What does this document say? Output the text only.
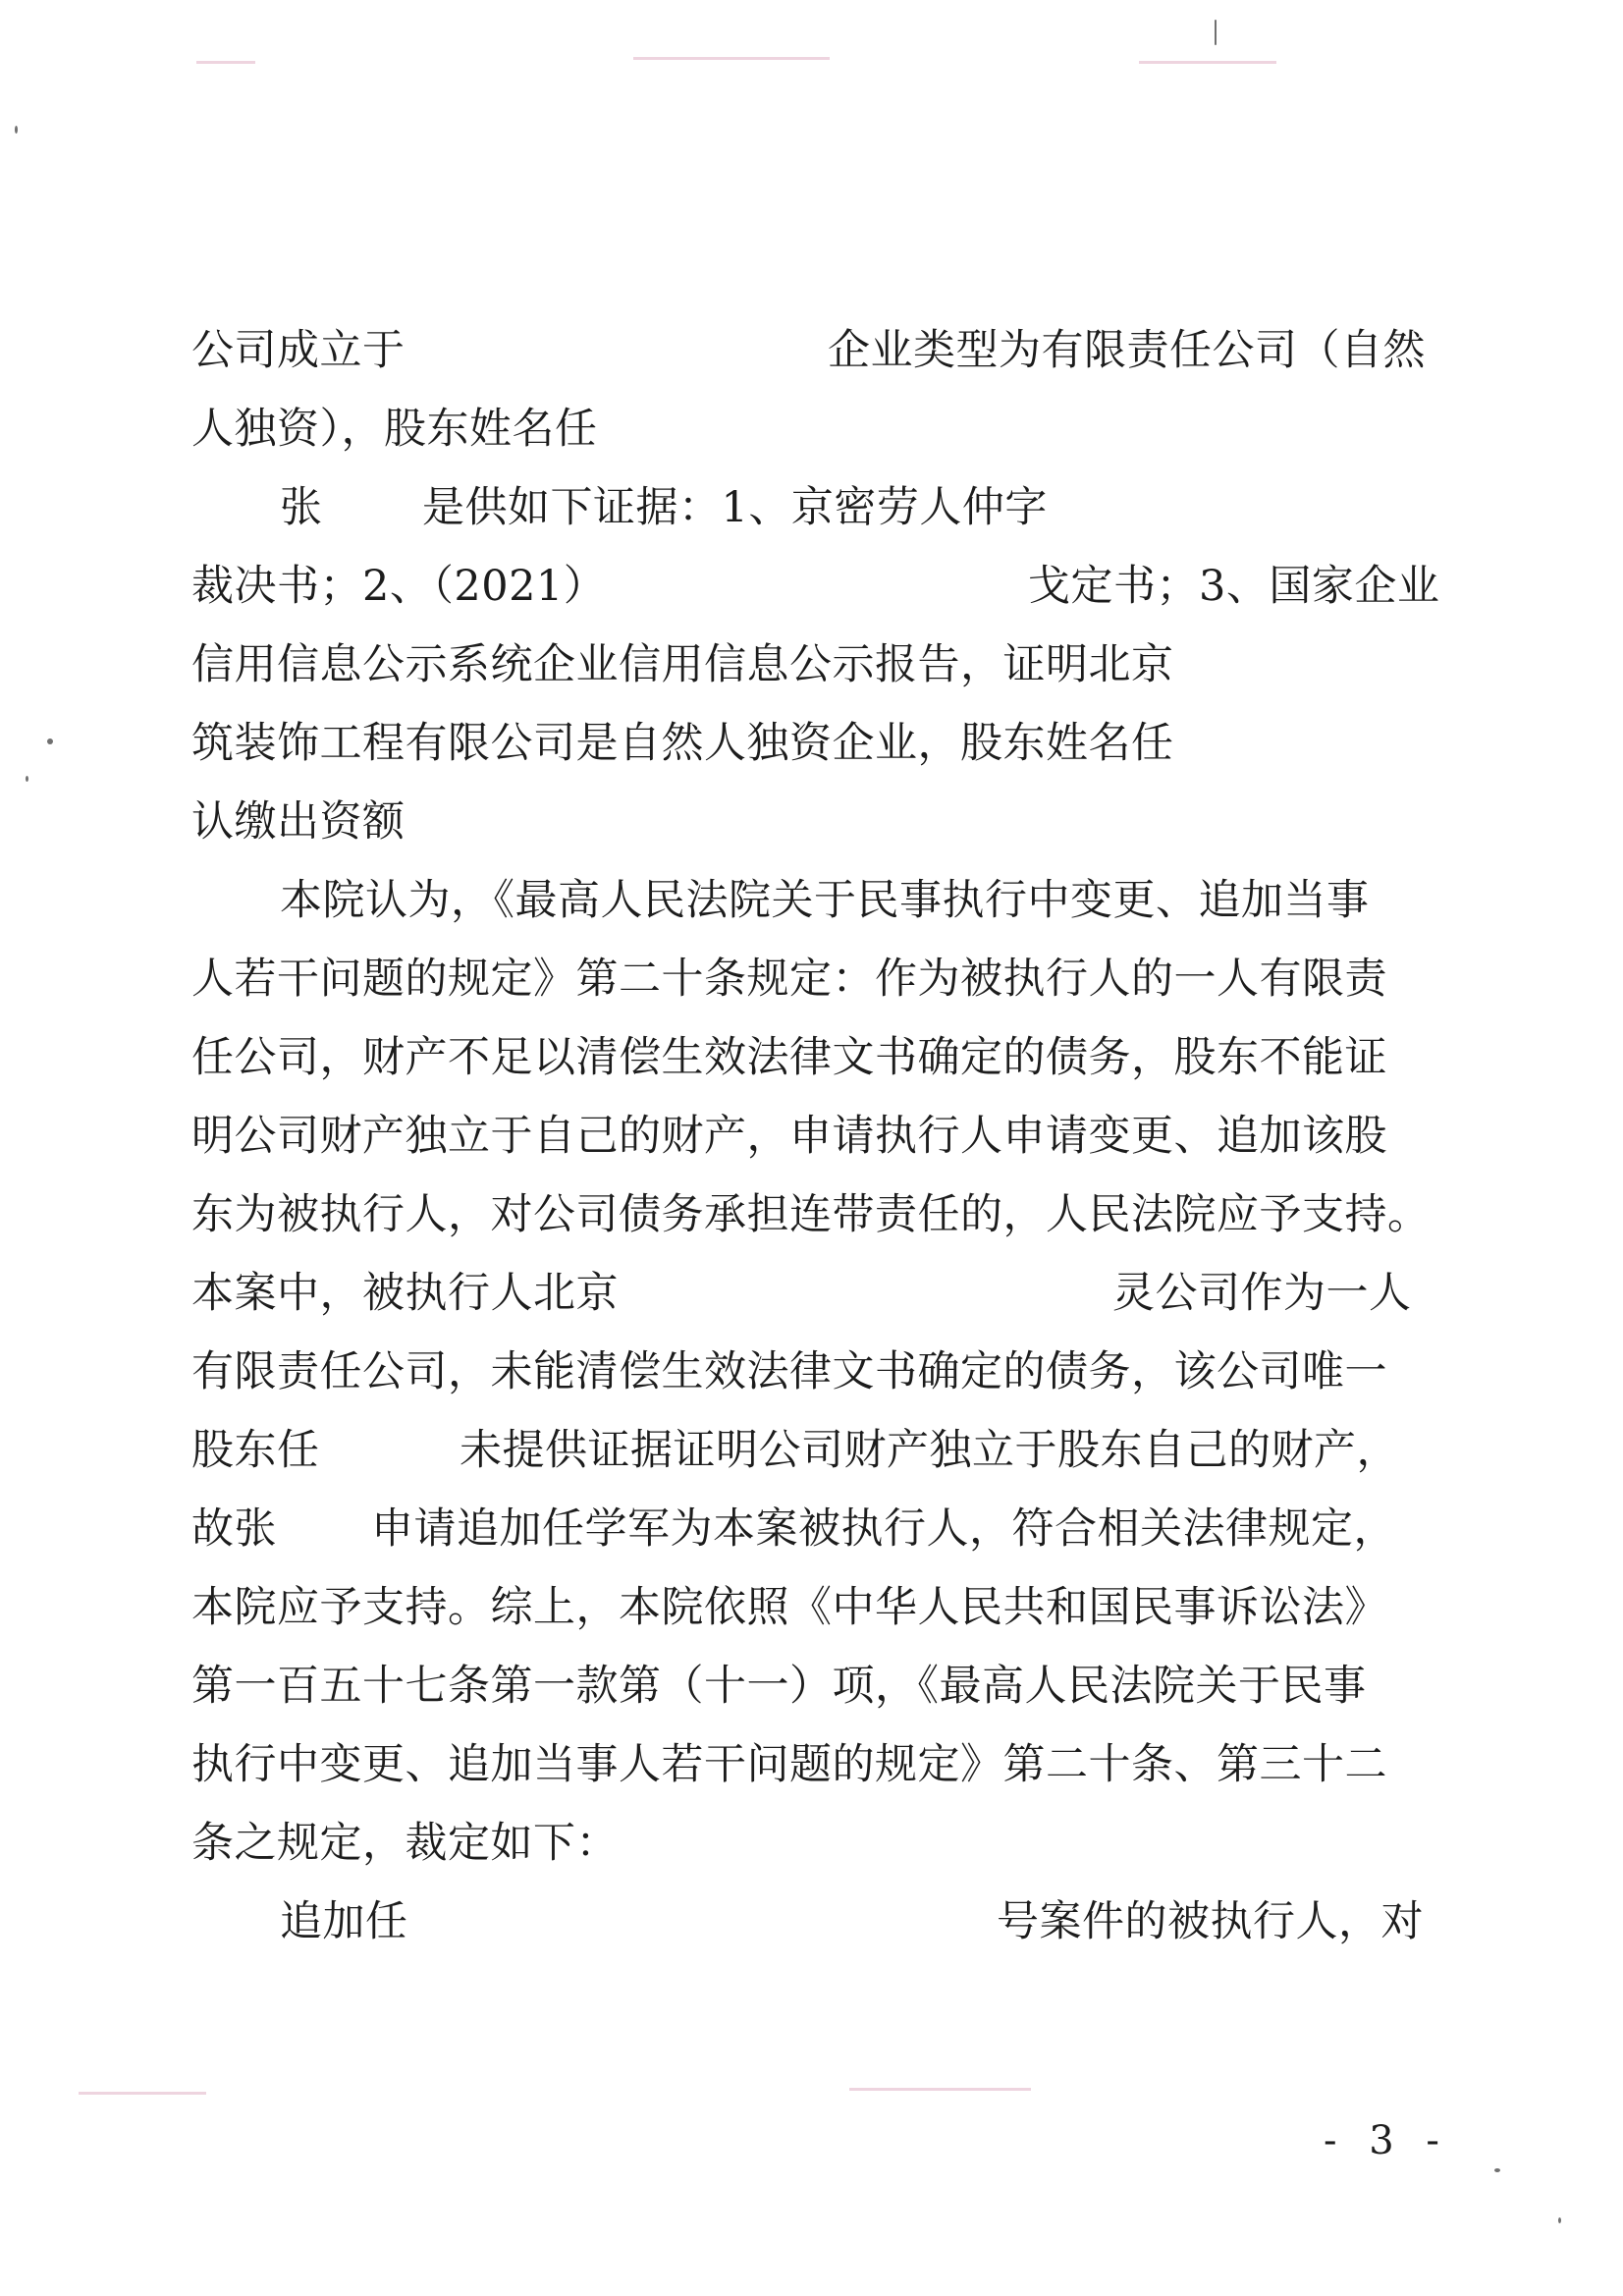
公司成立于	企业类型为有限责任公司（自然
人独资），股东姓名任
张 是供如下证据：1、京密劳人仲字
裁决书；2、（2021）	戈定书；3、国家企业
信用信息公示系统企业信用信息公示报告，证明北京
筑装饰工程有限公司是自然人独资企业，股东姓名任
认缴出资额
本院认为，《最高人民法院关于民事执行中变更、追加当事
人若干问题的规定》第二十条规定：作为被执行人的一人有限责
任公司，财产不足以清偿生效法律文书确定的债务，股东不能证
明公司财产独立于自己的财产，申请执行人申请变更、追加该股
东为被执行人，对公司债务承担连带责任的，人民法院应予支持。
本案中，被执行人北京	灵公司作为一人
有限责任公司，未能清偿生效法律文书确定的债务，该公司唯一
股东任	未提供证据证明公司财产独立于股东自己的财产，
故张 申请追加任学军为本案被执行人，符合相关法律规定，
本院应予支持。综上，本院依照《中华人民共和国民事诉讼法》
第一百五十七条第一款第（十一）项，《最高人民法院关于民事
执行中变更、追加当事人若干问题的规定》第二十条、第三十二
条之规定，裁定如下：
追加任	号案件的被执行人，对
- 3 -
